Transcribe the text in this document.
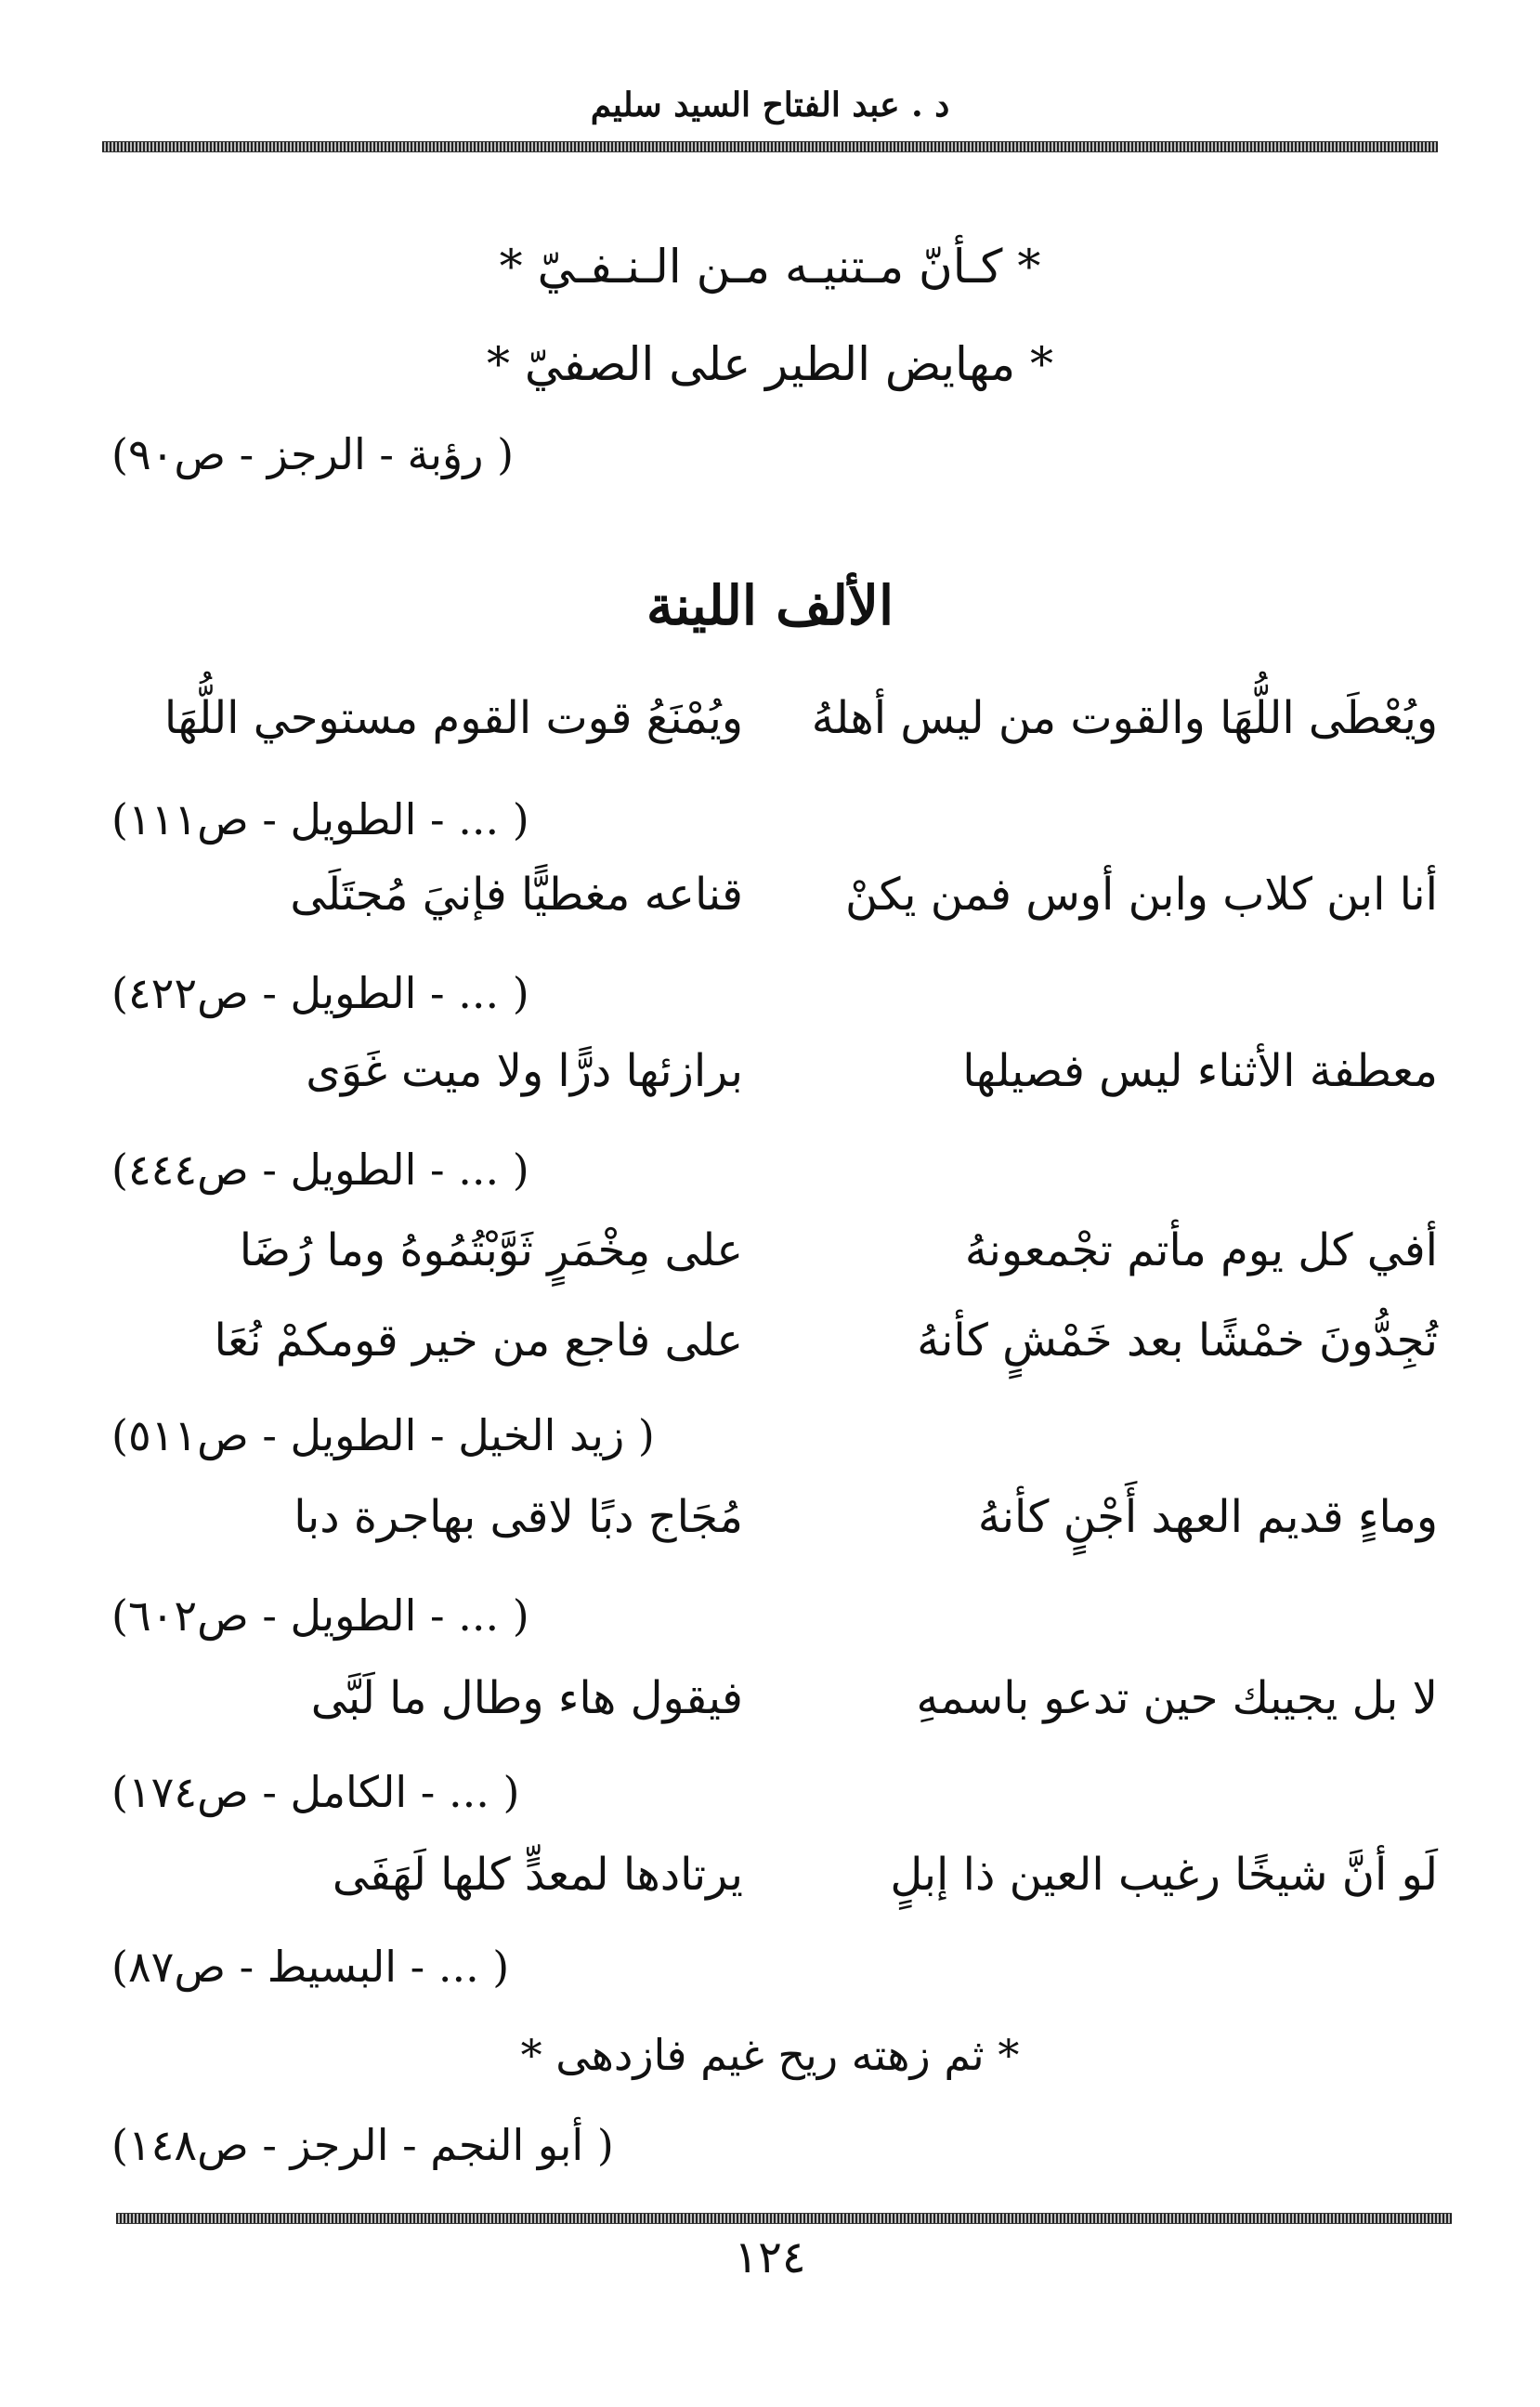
د . عبد الفتاح السيد سليم
* كـأنّ مـتنيـه مـن الـنـفـيّ *
* مهايض الطير على الصفيّ *
( رؤبة - الرجز - ص٩٠)
الألف اللينة
ويُعْطَى اللُّهَا والقوت من ليس أهلهُ
ويُمْنَعُ قوت القوم مستوحي اللُّهَا
( ... - الطويل - ص١١١)
أنا ابن كلاب وابن أوس فمن يكنْ
قناعه مغطيًّا فإنيَ مُجتَلَى
( ... - الطويل - ص٤٢٢)
معطفة الأثناء ليس فصيلها
برازئها درًّا ولا ميت غَوَى
( ... - الطويل - ص٤٤٤)
أفي كل يوم مأتم تجْمعونهُ
على مِخْمَرٍ ثَوَّبْتُمُوهُ وما رُضَا
تُجِدُّونَ خمْشًا بعد خَمْشٍ كأنهُ
على فاجع من خير قومكمْ نُعَا
( زيد الخيل - الطويل - ص٥١١)
وماءٍ قديم العهد أَجْنٍ كأنهُ
مُجَاج دبًا لاقى بهاجرة دبا
( ... - الطويل - ص٦٠٢)
لا بل يجيبك حين تدعو باسمهِ
فيقول هاء وطال ما لَبَّى
( ... - الكامل - ص١٧٤)
لَو أنَّ شيخًا رغيب العين ذا إبلٍ
يرتادها لمعدٍّ كلها لَهَفَى
( ... - البسيط - ص٨٧)
* ثم زهته ريح غيم فازدهى *
( أبو النجم - الرجز - ص١٤٨)
١٢٤
